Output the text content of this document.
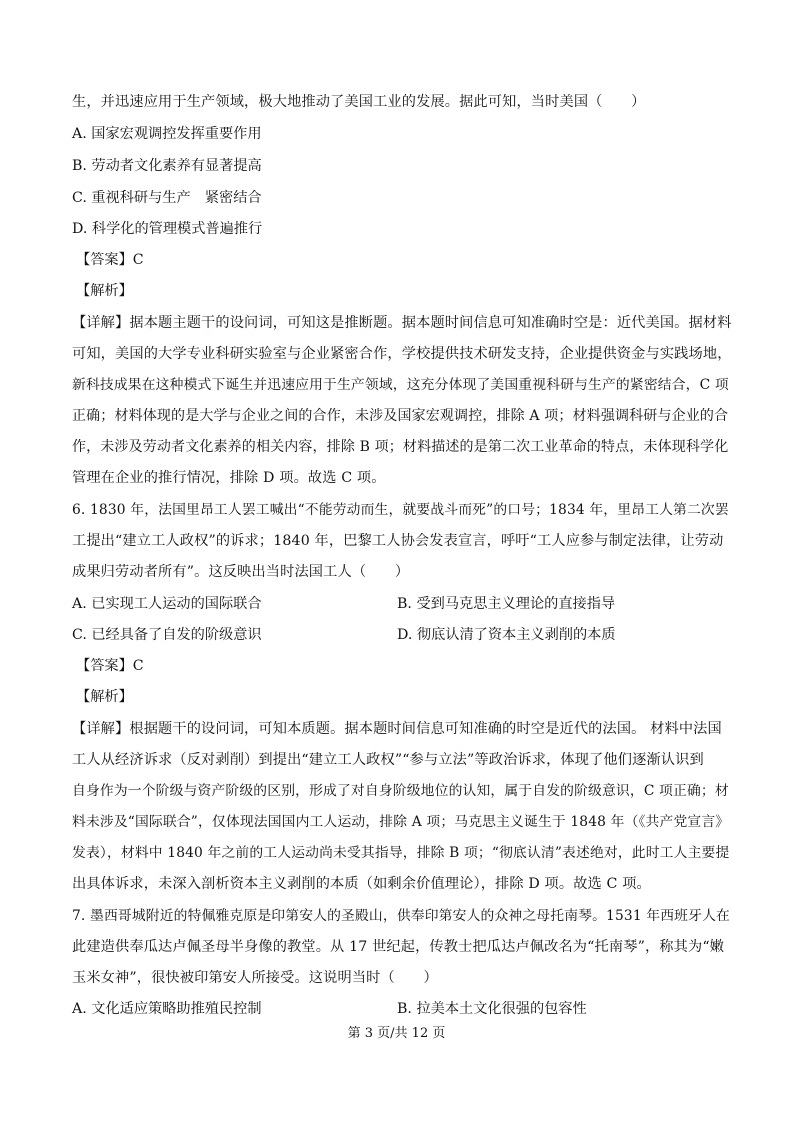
生，并迅速应用于生产领域，极大地推动了美国工业的发展。据此可知，当时美国（　　）
A. 国家宏观调控发挥重要作用
B. 劳动者文化素养有显著提高
C. 重视科研与生产　紧密结合
D. 科学化的管理模式普遍推行
【答案】C
【解析】
【详解】据本题主题干的设问词，可知这是推断题。据本题时间信息可知准确时空是：近代美国。据材料
可知，美国的大学专业科研实验室与企业紧密合作，学校提供技术研发支持，企业提供资金与实践场地，
新科技成果在这种模式下诞生并迅速应用于生产领域，这充分体现了美国重视科研与生产的紧密结合，C 项
正确；材料体现的是大学与企业之间的合作，未涉及国家宏观调控，排除 A 项；材料强调科研与企业的合
作，未涉及劳动者文化素养的相关内容，排除 B 项；材料描述的是第二次工业革命的特点，未体现科学化
管理在企业的推行情况，排除 D 项。故选 C 项。
6. 1830 年，法国里昂工人罢工喊出“不能劳动而生，就要战斗而死”的口号；1834 年，里昂工人第二次罢
工提出“建立工人政权”的诉求；1840 年，巴黎工人协会发表宣言，呼吁“工人应参与制定法律，让劳动
成果归劳动者所有”。这反映出当时法国工人（　　）
A. 已实现工人运动的国际联合	B. 受到马克思主义理论的直接指导
C. 已经具备了自发的阶级意识	D. 彻底认清了资本主义剥削的本质
【答案】C
【解析】
【详解】根据题干的设问词，可知本质题。据本题时间信息可知准确的时空是近代的法国。 材料中法国
工人从经济诉求（反对剥削）到提出“建立工人政权”“参与立法”等政治诉求，体现了他们逐渐认识到
自身作为一个阶级与资产阶级的区别，形成了对自身阶级地位的认知，属于自发的阶级意识，C 项正确；材
料未涉及“国际联合”，仅体现法国国内工人运动，排除 A 项；马克思主义诞生于 1848 年（《共产党宣言》
发表），材料中 1840 年之前的工人运动尚未受其指导，排除 B 项；“彻底认清”表述绝对，此时工人主要提
出具体诉求，未深入剖析资本主义剥削的本质（如剩余价值理论），排除 D 项。故选 C 项。
7. 墨西哥城附近的特佩雅克原是印第安人的圣殿山，供奉印第安人的众神之母托南琴。1531 年西班牙人在
此建造供奉瓜达卢佩圣母半身像的教堂。从 17 世纪起，传教士把瓜达卢佩改名为“托南琴”，称其为“嫩
玉米女神”，很快被印第安人所接受。这说明当时（　　）
A. 文化适应策略助推殖民控制	B. 拉美本土文化很强的包容性
第 3 页/共 12 页
